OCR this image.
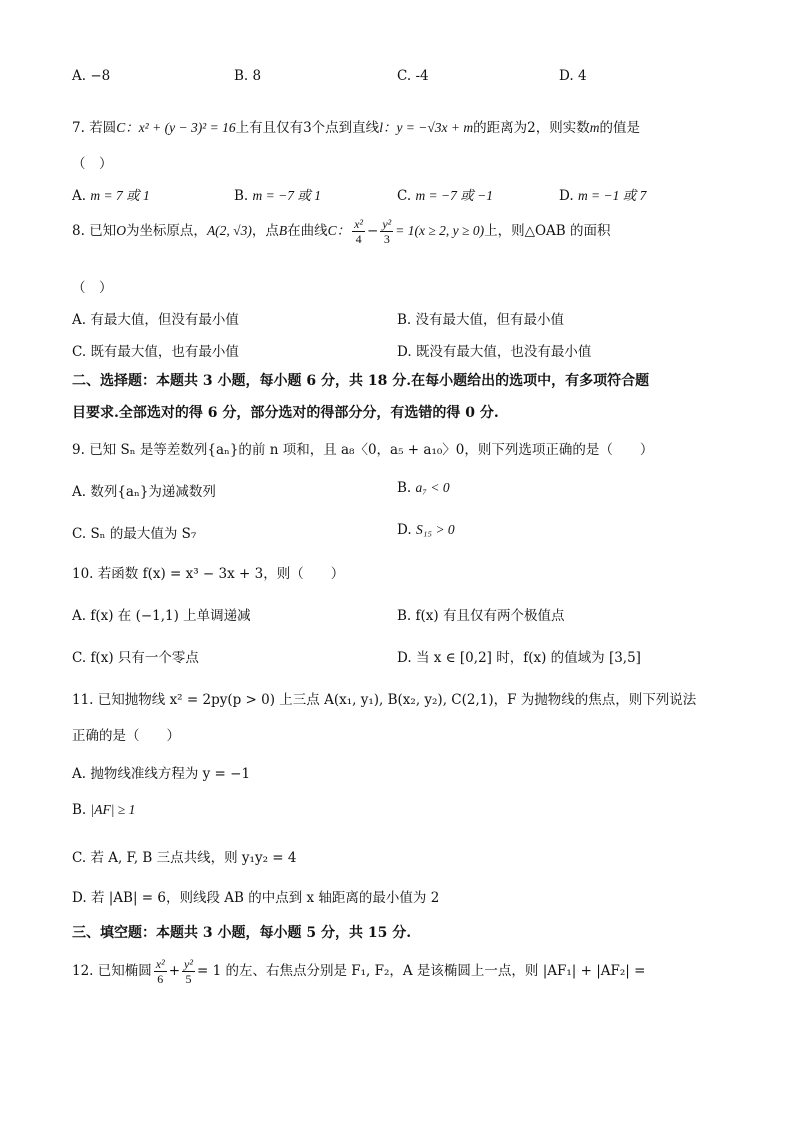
A. −8	B. 8	C. -4	D. 4
7. 若圆C：x² + (y − 3)² = 16上有且仅有3个点到直线l：y = −√3x + m的距离为2，则实数m的值是
（　）
A. m = 7 或 1	B. m = −7 或 1	C. m = −7 或 −1	D. m = −1 或 7
8. 已知O为坐标原点，A(2, √3)，点B在曲线C： $\frac{\text{x²}}{4} - \frac{\text{y²}}{3} = 1(x \ge 2$, y ≥ 0)上，则△OAB 的面积
（　）
A. 有最大值，但没有最小值	B. 没有最大值，但有最小值
C. 既有最大值，也有最小值	D. 既没有最大值，也没有最小值
二、选择题：本题共 3 小题，每小题 6 分，共 18 分.在每小题给出的选项中，有多项符合题
目要求.全部选对的得 6 分，部分选对的得部分分，有选错的得 0 分.
9. 已知 Sₙ 是等差数列{aₙ}的前 n 项和，且 a₈〈0，a₅ + a₁₀〉0，则下列选项正确的是（　　）
A. 数列{aₙ}为递减数列	B. a₇ < 0
C. Sₙ 的最大值为 S₇	D. S₁₅ > 0
10. 若函数 f(x) = x³ − 3x + 3，则（　　）
A. f(x) 在 (−1,1) 上单调递减	B. f(x) 有且仅有两个极值点
C. f(x) 只有一个零点	D. 当 x ∈ [0,2] 时，f(x) 的值域为 [3,5]
11. 已知抛物线 x² = 2py(p > 0) 上三点 A(x₁, y₁), B(x₂, y₂), C(2,1)，F 为抛物线的焦点，则下列说法
正确的是（　　）
A. 抛物线准线方程为 y = −1
B. |AF| ≥ 1
C. 若 A, F, B 三点共线，则 y₁y₂ = 4
D. 若 |AB| = 6，则线段 AB 的中点到 x 轴距离的最小值为 2
三、填空题：本题共 3 小题，每小题 5 分，共 15 分.
12. 已知椭圆 $\frac{\text{x²}}{6} + \frac{\text{y²}}{5} = 1$ 的左、右焦点分别是 F₁, F₂，A 是该椭圆上一点，则 |AF₁| + |AF₂| =
